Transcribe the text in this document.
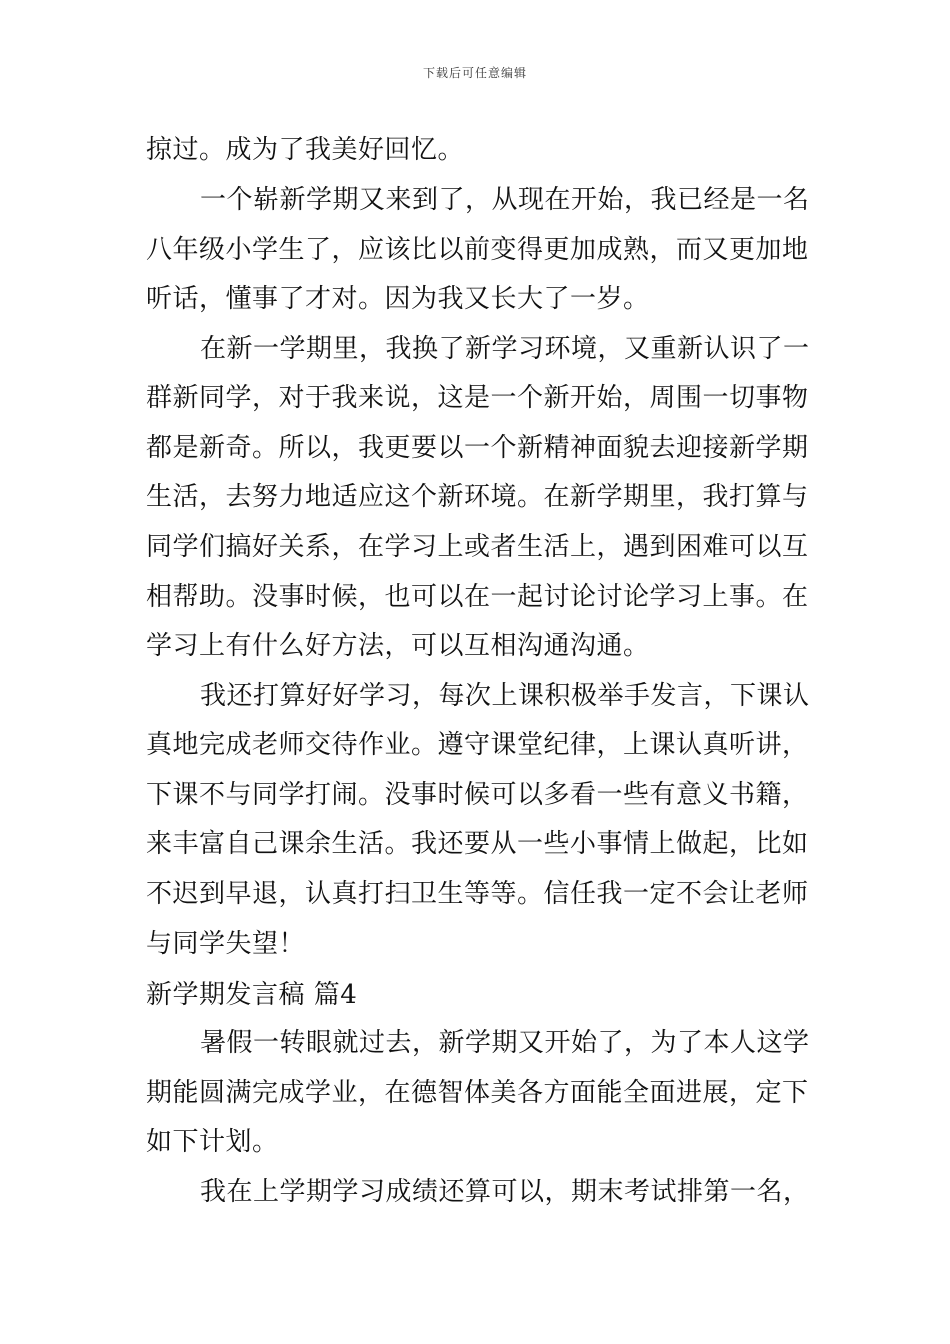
下载后可任意编辑
掠过。成为了我美好回忆。
一个崭新学期又来到了，从现在开始，我已经是一名
八年级小学生了，应该比以前变得更加成熟，而又更加地
听话，懂事了才对。因为我又长大了一岁。
在新一学期里，我换了新学习环境，又重新认识了一
群新同学，对于我来说，这是一个新开始，周围一切事物
都是新奇。所以，我更要以一个新精神面貌去迎接新学期
生活，去努力地适应这个新环境。在新学期里，我打算与
同学们搞好关系，在学习上或者生活上，遇到困难可以互
相帮助。没事时候，也可以在一起讨论讨论学习上事。在
学习上有什么好方法，可以互相沟通沟通。
我还打算好好学习，每次上课积极举手发言，下课认
真地完成老师交待作业。遵守课堂纪律，上课认真听讲，
下课不与同学打闹。没事时候可以多看一些有意义书籍，
来丰富自己课余生活。我还要从一些小事情上做起，比如
不迟到早退，认真打扫卫生等等。信任我一定不会让老师
与同学失望！
新学期发言稿 篇4
暑假一转眼就过去，新学期又开始了，为了本人这学
期能圆满完成学业，在德智体美各方面能全面进展，定下
如下计划。
我在上学期学习成绩还算可以，期末考试排第一名，
